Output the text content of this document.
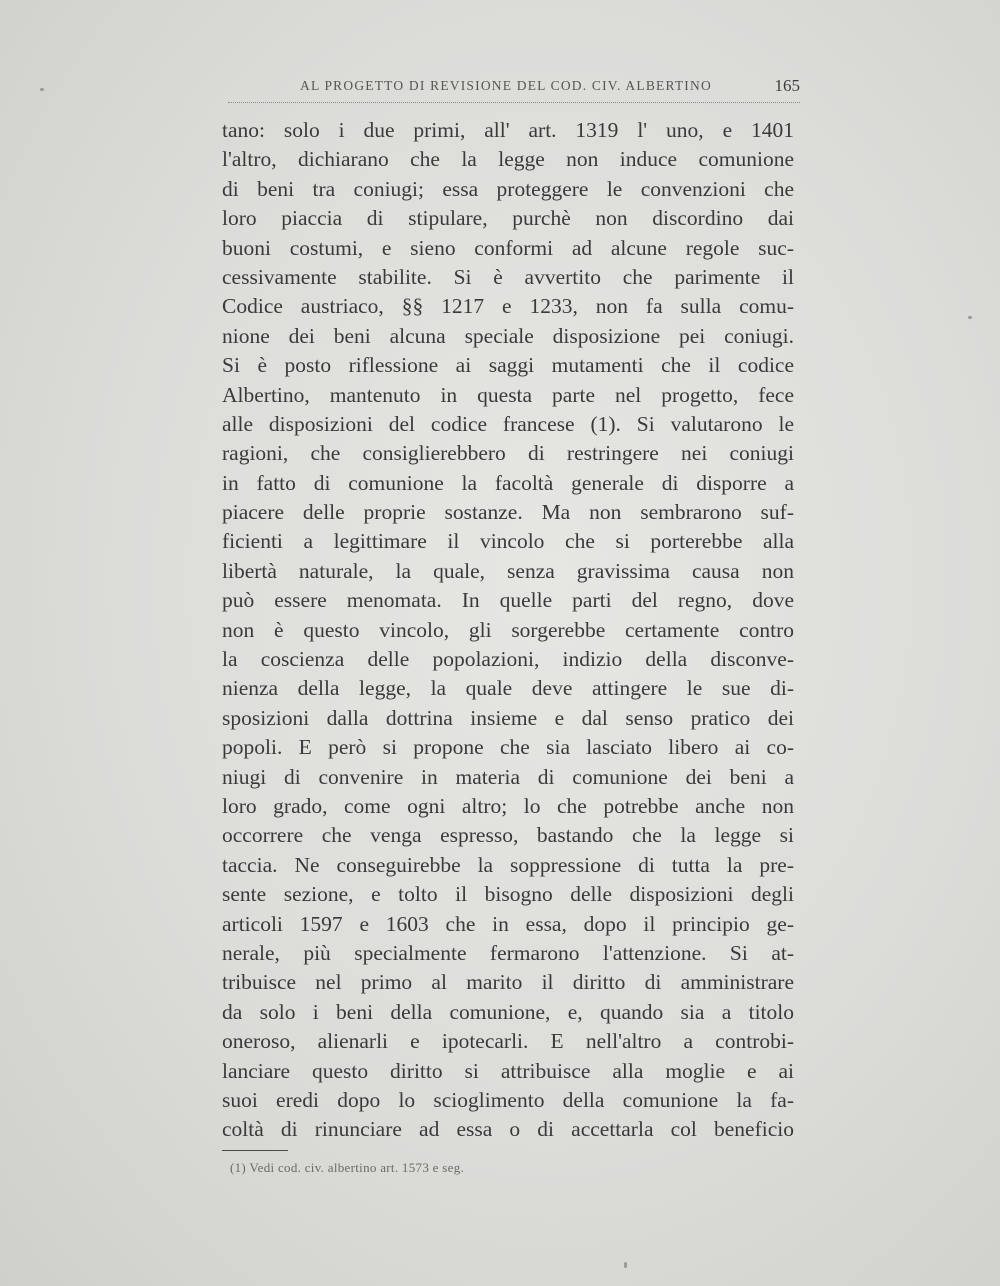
AL PROGETTO DI REVISIONE DEL COD. CIV. ALBERTINO	165
tano: solo i due primi, all' art. 1319 l' uno, e 1401
l'altro, dichiarano che la legge non induce comunione
di beni tra coniugi; essa proteggere le convenzioni che
loro piaccia di stipulare, purchè non discordino dai
buoni costumi, e sieno conformi ad alcune regole suc-
cessivamente stabilite. Si è avvertito che parimente il
Codice austriaco, §§ 1217 e 1233, non fa sulla comu-
nione dei beni alcuna speciale disposizione pei coniugi.
Si è posto riflessione ai saggi mutamenti che il codice
Albertino, mantenuto in questa parte nel progetto, fece
alle disposizioni del codice francese (1). Si valutarono le
ragioni, che consiglierebbero di restringere nei coniugi
in fatto di comunione la facoltà generale di disporre a
piacere delle proprie sostanze. Ma non sembrarono suf-
ficienti a legittimare il vincolo che si porterebbe alla
libertà naturale, la quale, senza gravissima causa non
può essere menomata. In quelle parti del regno, dove
non è questo vincolo, gli sorgerebbe certamente contro
la coscienza delle popolazioni, indizio della disconve-
nienza della legge, la quale deve attingere le sue di-
sposizioni dalla dottrina insieme e dal senso pratico dei
popoli. E però si propone che sia lasciato libero ai co-
niugi di convenire in materia di comunione dei beni a
loro grado, come ogni altro; lo che potrebbe anche non
occorrere che venga espresso, bastando che la legge si
taccia. Ne conseguirebbe la soppressione di tutta la pre-
sente sezione, e tolto il bisogno delle disposizioni degli
articoli 1597 e 1603 che in essa, dopo il principio ge-
nerale, più specialmente fermarono l'attenzione. Si at-
tribuisce nel primo al marito il diritto di amministrare
da solo i beni della comunione, e, quando sia a titolo
oneroso, alienarli e ipotecarli. E nell'altro a controbi-
lanciare questo diritto si attribuisce alla moglie e ai
suoi eredi dopo lo scioglimento della comunione la fa-
coltà di rinunciare ad essa o di accettarla col beneficio
(1) Vedi cod. civ. albertino art. 1573 e seg.
